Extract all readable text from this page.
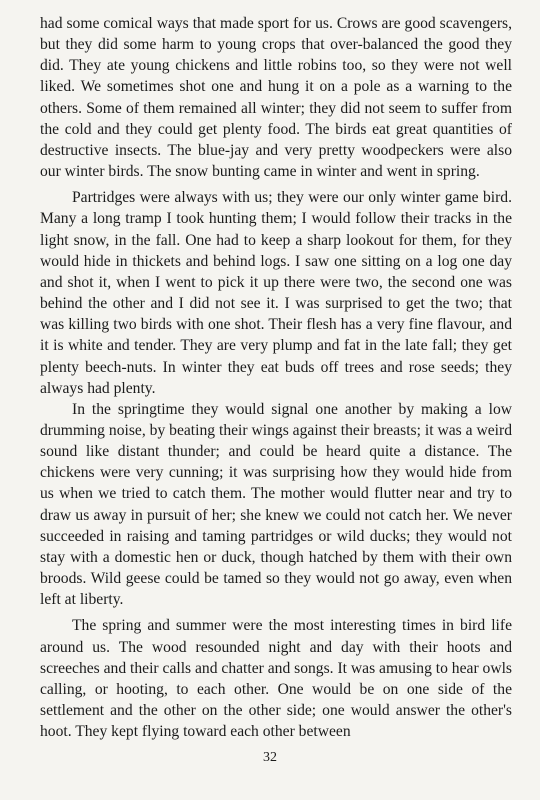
had some comical ways that made sport for us. Crows are good scavengers, but they did some harm to young crops that over-balanced the good they did. They ate young chickens and little robins too, so they were not well liked. We sometimes shot one and hung it on a pole as a warning to the others. Some of them remained all winter; they did not seem to suffer from the cold and they could get plenty food. The birds eat great quantities of destructive insects. The blue-jay and very pretty woodpeckers were also our winter birds. The snow bunting came in winter and went in spring.

Partridges were always with us; they were our only winter game bird. Many a long tramp I took hunting them; I would follow their tracks in the light snow, in the fall. One had to keep a sharp lookout for them, for they would hide in thickets and behind logs. I saw one sitting on a log one day and shot it, when I went to pick it up there were two, the second one was behind the other and I did not see it. I was surprised to get the two; that was killing two birds with one shot. Their flesh has a very fine flavour, and it is white and tender. They are very plump and fat in the late fall; they get plenty beech-nuts. In winter they eat buds off trees and rose seeds; they always had plenty.

In the springtime they would signal one another by making a low drumming noise, by beating their wings against their breasts; it was a weird sound like distant thunder; and could be heard quite a distance. The chickens were very cunning; it was surprising how they would hide from us when we tried to catch them. The mother would flutter near and try to draw us away in pursuit of her; she knew we could not catch her. We never succeeded in raising and taming partridges or wild ducks; they would not stay with a domestic hen or duck, though hatched by them with their own broods. Wild geese could be tamed so they would not go away, even when left at liberty.

The spring and summer were the most interesting times in bird life around us. The wood resounded night and day with their hoots and screeches and their calls and chatter and songs. It was amusing to hear owls calling, or hooting, to each other. One would be on one side of the settlement and the other on the other side; one would answer the other's hoot. They kept flying toward each other between

32
